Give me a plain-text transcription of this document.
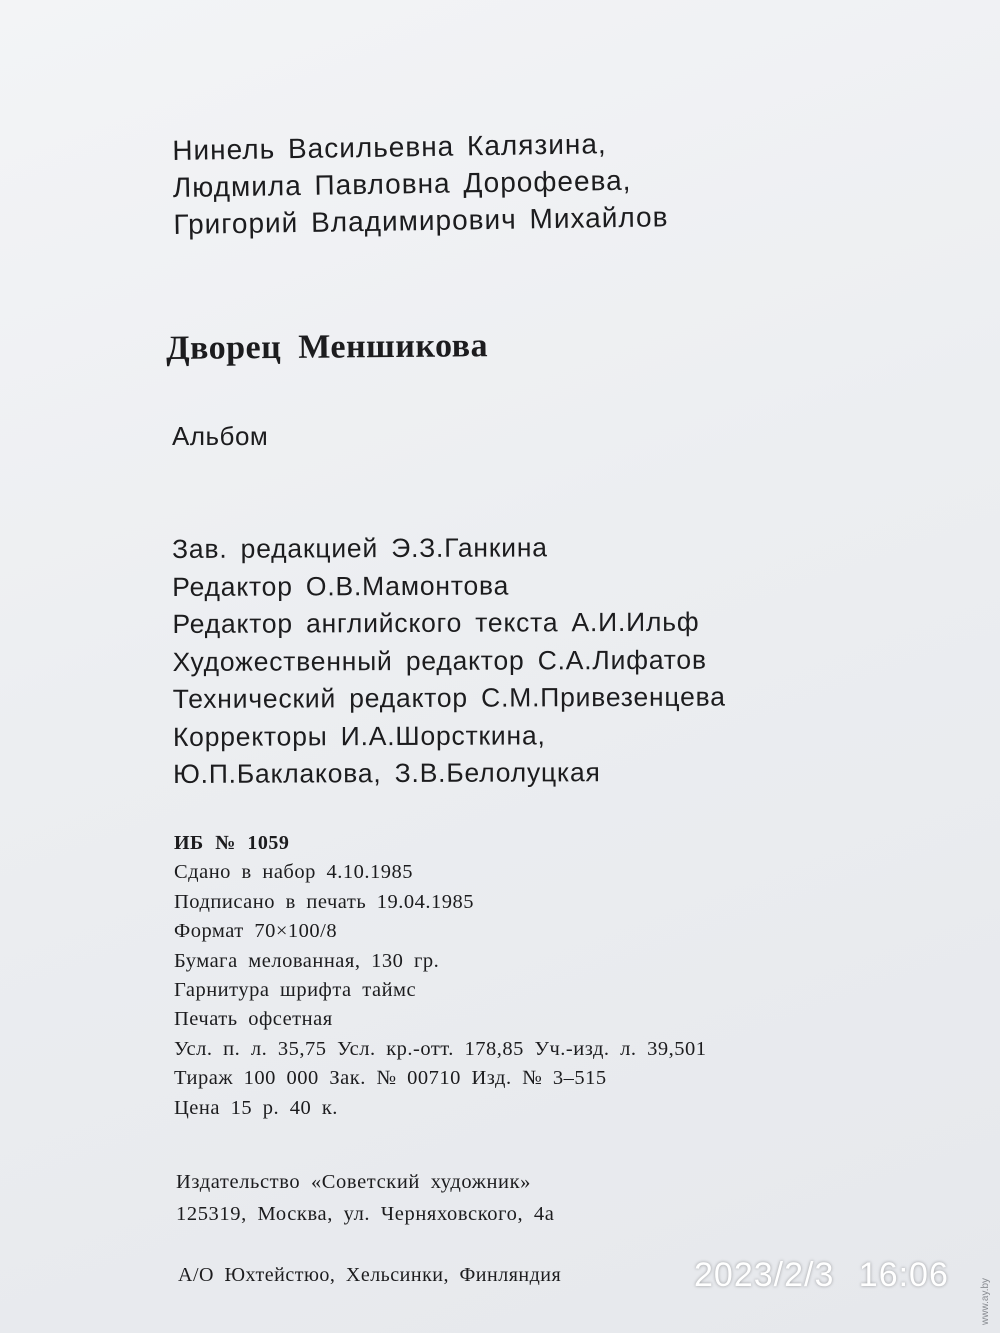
Нинель Васильевна Калязина,
Людмила Павловна Дорофеева,
Григорий Владимирович Михайлов
Дворец Меншикова
Альбом
Зав. редакцией Э.З.Ганкина
Редактор О.В.Мамонтова
Редактор английского текста А.И.Ильф
Художественный редактор С.А.Лифатов
Технический редактор С.М.Привезенцева
Корректоры И.А.Шорсткина,
Ю.П.Баклакова, З.В.Белолуцкая
ИБ № 1059
Сдано в набор 4.10.1985
Подписано в печать 19.04.1985
Формат 70×100/8
Бумага мелованная, 130 гр.
Гарнитура шрифта таймс
Печать офсетная
Усл. п. л. 35,75 Усл. кр.-отт. 178,85 Уч.-изд. л. 39,501
Тираж 100 000 Зак. № 00710 Изд. № 3–515
Цена 15 р. 40 к.
Издательство «Советский художник»
125319, Москва, ул. Черняховского, 4а
А/О Юхтейстюо, Хельсинки, Финляндия	2023/2/3 16:06
www.ay.by
